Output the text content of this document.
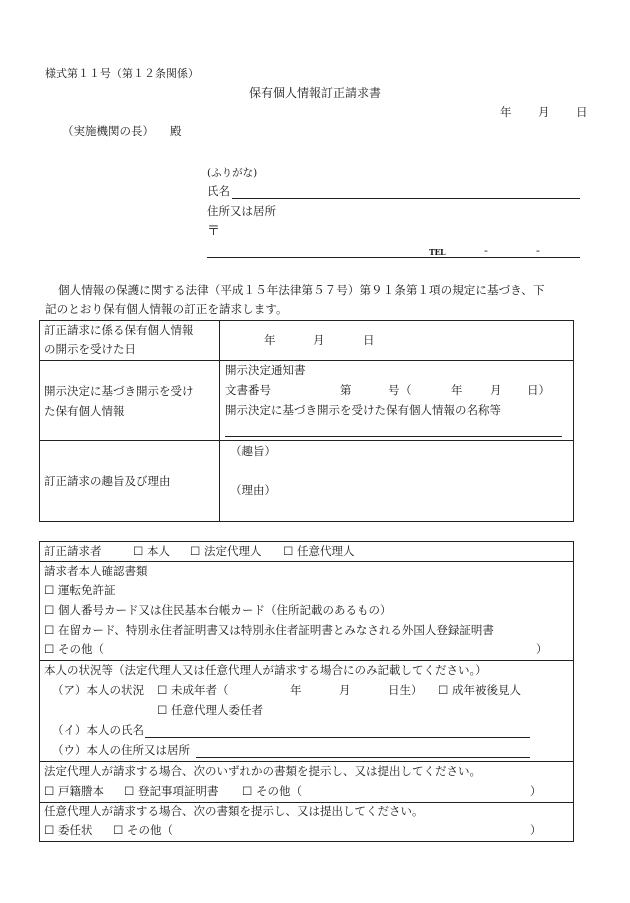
様式第１１号（第１２条関係）
保有個人情報訂正請求書
年 月 日
（実施機関の長） 殿
(ふりがな)
氏名
住所又は居所
〒
TEL	-	-
個人情報の保護に関する法律（平成１５年法律第５７号）第９１条第１項の規定に基づき、下
記のとおり保有個人情報の訂正を請求します。
訂正請求に係る保有個人情報
の開示を受けた日
年	月	日
開示決定に基づき開示を受け
た保有個人情報
開示決定通知書
文書番号	第	号 （	年 月 日）
開示決定に基づき開示を受けた保有個人情報の名称等
訂正請求の趣旨及び理由
（趣旨）
（理由）
訂正請求者	☐ 本人 ☐ 法定代理人 ☐ 任意代理人
請求者本人確認書類
☐ 運転免許証
☐ 個人番号カード又は住民基本台帳カード（住所記載のあるもの）
☐ 在留カード、特別永住者証明書又は特別永住者証明書とみなされる外国人登録証明書
☐ その他（	）
本人の状況等（法定代理人又は任意代理人が請求する場合にのみ記載してください。）
（ア）本人の状況 ☐ 未成年者（	年	月	日生） ☐ 成年被後見人
☐ 任意代理人委任者
（イ）本人の氏名
（ウ）本人の住所又は居所
法定代理人が請求する場合、次のいずれかの書類を提示し、又は提出してください。
☐ 戸籍謄本 ☐ 登記事項証明書 ☐ その他（	）
任意代理人が請求する場合、次の書類を提示し、又は提出してください。
☐ 委任状 ☐ その他（	）
